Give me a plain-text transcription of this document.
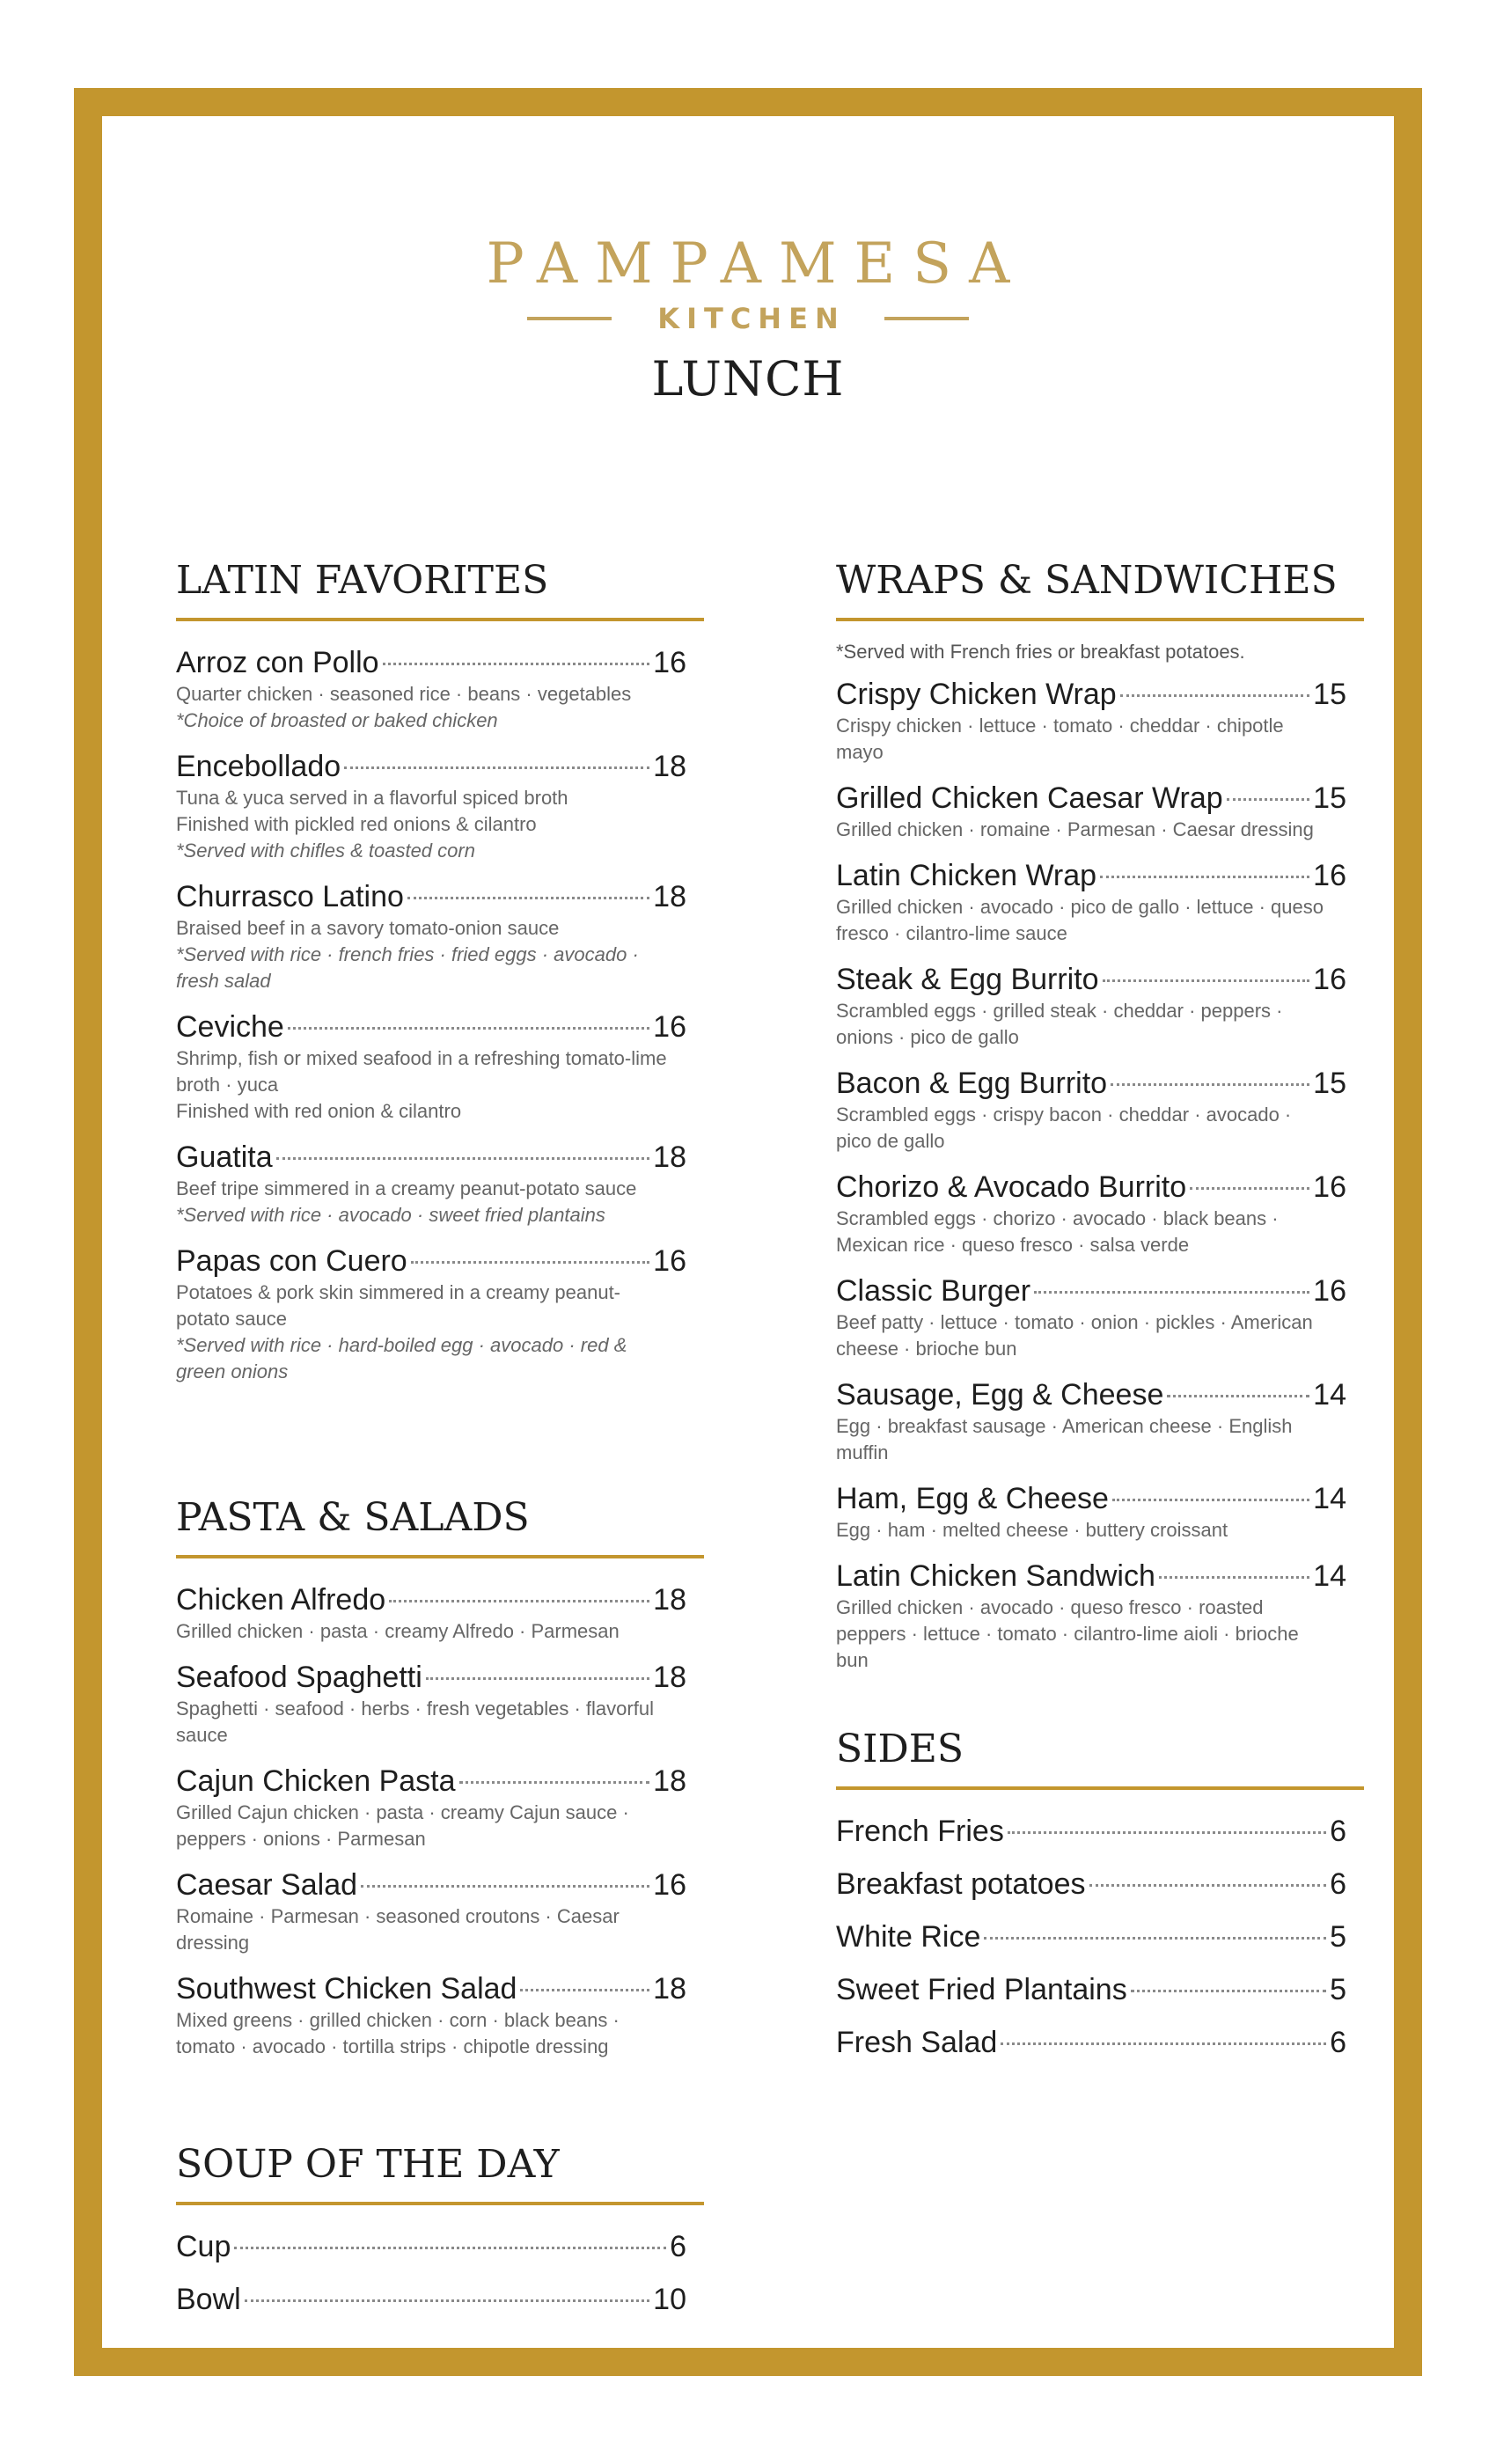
PAMPAMESA
KITCHEN
LUNCH
LATIN FAVORITES
Arroz con Pollo	16
Quarter chicken · seasoned rice · beans · vegetables
*Choice of broasted or baked chicken
Encebollado	18
Tuna & yuca served in a flavorful spiced broth
Finished with pickled red onions & cilantro
*Served with chifles & toasted corn
Churrasco Latino	18
Braised beef in a savory tomato-onion sauce
*Served with rice · french fries · fried eggs · avocado · fresh salad
Ceviche	16
Shrimp, fish or mixed seafood in a refreshing tomato-lime broth · yuca
Finished with red onion & cilantro
Guatita	18
Beef tripe simmered in a creamy peanut-potato sauce
*Served with rice · avocado · sweet fried plantains
Papas con Cuero	16
Potatoes & pork skin simmered in a creamy peanut-potato sauce
*Served with rice · hard-boiled egg · avocado · red & green onions
PASTA & SALADS
Chicken Alfredo	18
Grilled chicken · pasta · creamy Alfredo · Parmesan
Seafood Spaghetti	18
Spaghetti · seafood · herbs · fresh vegetables · flavorful sauce
Cajun Chicken Pasta	18
Grilled Cajun chicken · pasta · creamy Cajun sauce · peppers · onions · Parmesan
Caesar Salad	16
Romaine · Parmesan · seasoned croutons · Caesar dressing
Southwest Chicken Salad	18
Mixed greens · grilled chicken · corn · black beans · tomato · avocado · tortilla strips · chipotle dressing
SOUP OF THE DAY
Cup	6
Bowl	10
WRAPS & SANDWICHES
*Served with French fries or breakfast potatoes.
Crispy Chicken Wrap	15
Crispy chicken · lettuce · tomato · cheddar · chipotle mayo
Grilled Chicken Caesar Wrap	15
Grilled chicken · romaine · Parmesan · Caesar dressing
Latin Chicken Wrap	16
Grilled chicken · avocado · pico de gallo · lettuce · queso fresco · cilantro-lime sauce
Steak & Egg Burrito	16
Scrambled eggs · grilled steak · cheddar · peppers · onions · pico de gallo
Bacon & Egg Burrito	15
Scrambled eggs · crispy bacon · cheddar · avocado · pico de gallo
Chorizo & Avocado Burrito	16
Scrambled eggs · chorizo · avocado · black beans · Mexican rice · queso fresco · salsa verde
Classic Burger	16
Beef patty · lettuce · tomato · onion · pickles · American cheese · brioche bun
Sausage, Egg & Cheese	14
Egg · breakfast sausage · American cheese · English muffin
Ham, Egg & Cheese	14
Egg · ham · melted cheese · buttery croissant
Latin Chicken Sandwich	14
Grilled chicken · avocado · queso fresco · roasted peppers · lettuce · tomato · cilantro-lime aioli · brioche bun
SIDES
French Fries	6
Breakfast potatoes	6
White Rice	5
Sweet Fried Plantains	5
Fresh Salad	6
